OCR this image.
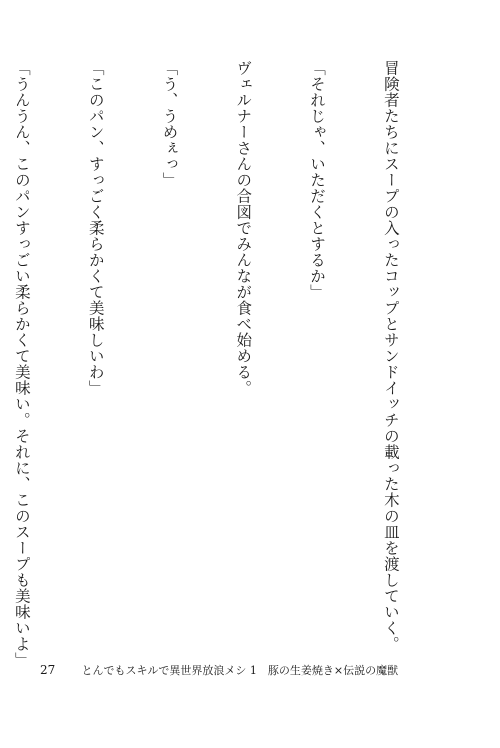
冒険者たちにスープの入ったコップとサンドイッチの載った木の皿を渡していく。

「それじゃ、いただくとするか」

ヴェルナーさんの合図でみんなが食べ始める。

「う、うめぇっ」

「このパン、すっごく柔らかくて美味しいわ」

「うんうん、このパンすっごい柔らかくて美味い。それに、このスープも美味いよ」

27 とんでもスキルで異世界放浪メシ 1　豚の生姜焼き×伝説の魔獣
